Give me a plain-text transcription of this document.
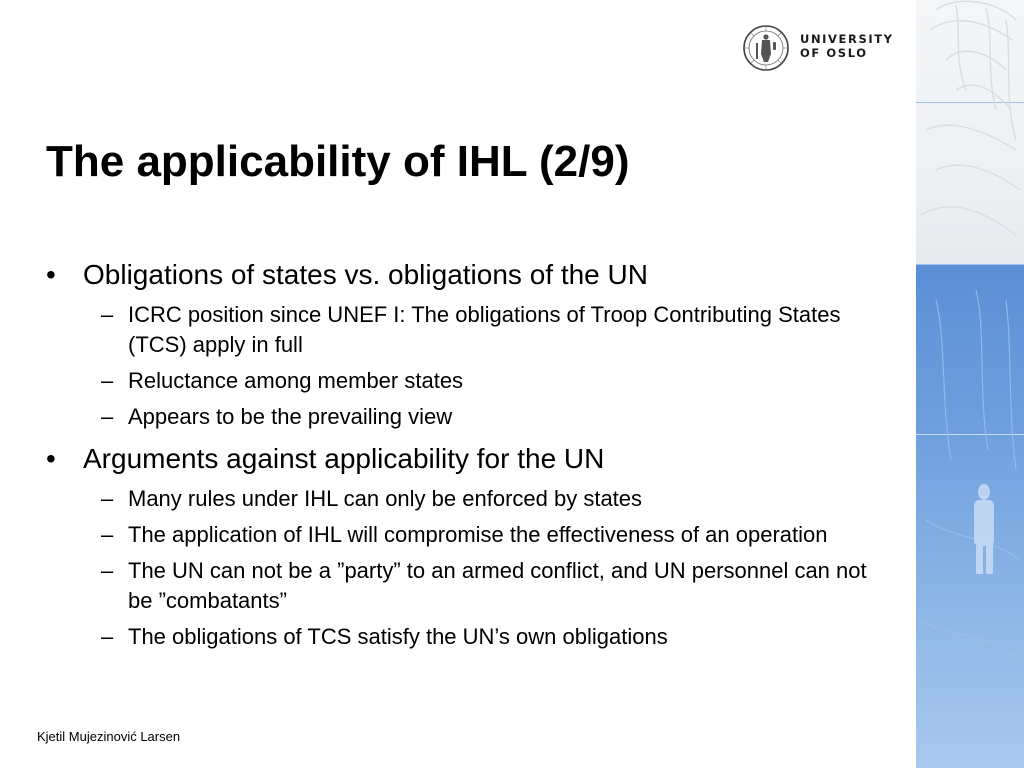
UNIVERSITY
OF OSLO
The applicability of IHL (2/9)
• Obligations of states vs. obligations of the UN
– ICRC position since UNEF I: The obligations of Troop Contributing States (TCS) apply in full
– Reluctance among member states
– Appears to be the prevailing view
• Arguments against applicability for the UN
– Many rules under IHL can only be enforced by states
– The application of IHL will compromise the effectiveness of an operation
– The UN can not be a ”party” to an armed conflict, and UN personnel can not be ”combatants”
– The obligations of TCS satisfy the UN’s own obligations
Kjetil Mujezinović Larsen
